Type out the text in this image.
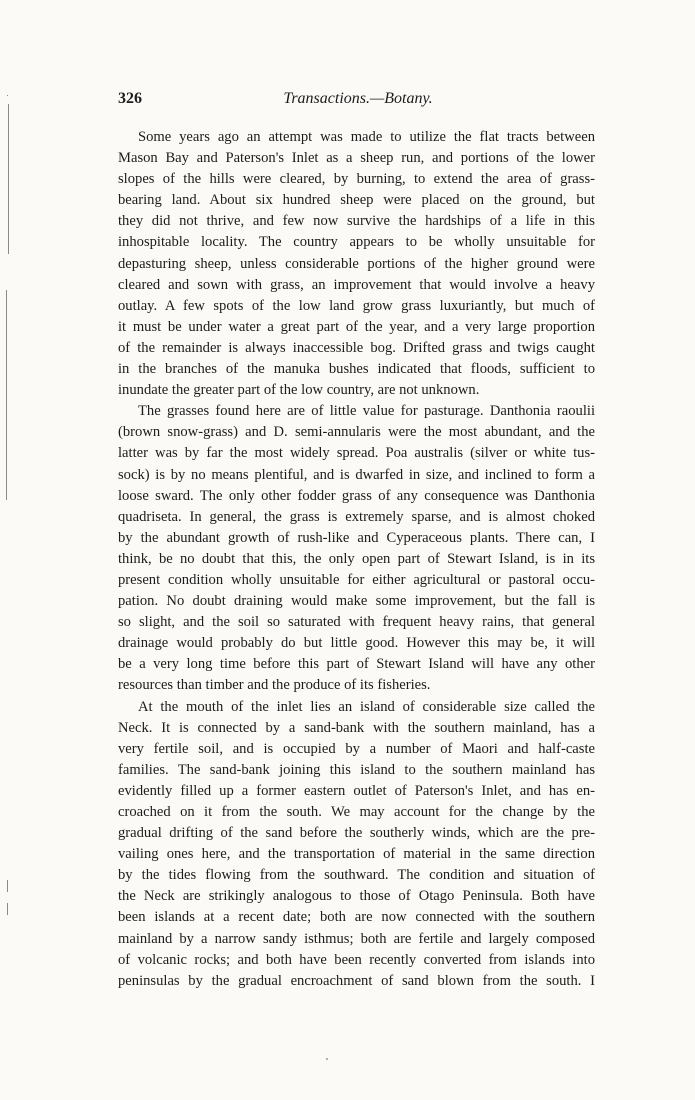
326	Transactions.—Botany.
Some years ago an attempt was made to utilize the flat tracts between
Mason Bay and Paterson's Inlet as a sheep run, and portions of the lower
slopes of the hills were cleared, by burning, to extend the area of grass-
bearing land. About six hundred sheep were placed on the ground, but
they did not thrive, and few now survive the hardships of a life in this
inhospitable locality. The country appears to be wholly unsuitable for
depasturing sheep, unless considerable portions of the higher ground were
cleared and sown with grass, an improvement that would involve a heavy
outlay. A few spots of the low land grow grass luxuriantly, but much of
it must be under water a great part of the year, and a very large proportion
of the remainder is always inaccessible bog. Drifted grass and twigs caught
in the branches of the manuka bushes indicated that floods, sufficient to
inundate the greater part of the low country, are not unknown.
The grasses found here are of little value for pasturage. Danthonia raoulii
(brown snow-grass) and D. semi-annularis were the most abundant, and the
latter was by far the most widely spread. Poa australis (silver or white tus-
sock) is by no means plentiful, and is dwarfed in size, and inclined to form a
loose sward. The only other fodder grass of any consequence was Danthonia
quadriseta. In general, the grass is extremely sparse, and is almost choked
by the abundant growth of rush-like and Cyperaceous plants. There can, I
think, be no doubt that this, the only open part of Stewart Island, is in its
present condition wholly unsuitable for either agricultural or pastoral occu-
pation. No doubt draining would make some improvement, but the fall is
so slight, and the soil so saturated with frequent heavy rains, that general
drainage would probably do but little good. However this may be, it will
be a very long time before this part of Stewart Island will have any other
resources than timber and the produce of its fisheries.
At the mouth of the inlet lies an island of considerable size called the
Neck. It is connected by a sand-bank with the southern mainland, has a
very fertile soil, and is occupied by a number of Maori and half-caste
families. The sand-bank joining this island to the southern mainland has
evidently filled up a former eastern outlet of Paterson's Inlet, and has en-
croached on it from the south. We may account for the change by the
gradual drifting of the sand before the southerly winds, which are the pre-
vailing ones here, and the transportation of material in the same direction
by the tides flowing from the southward. The condition and situation of
the Neck are strikingly analogous to those of Otago Peninsula. Both have
been islands at a recent date; both are now connected with the southern
mainland by a narrow sandy isthmus; both are fertile and largely composed
of volcanic rocks; and both have been recently converted from islands into
peninsulas by the gradual encroachment of sand blown from the south. I
